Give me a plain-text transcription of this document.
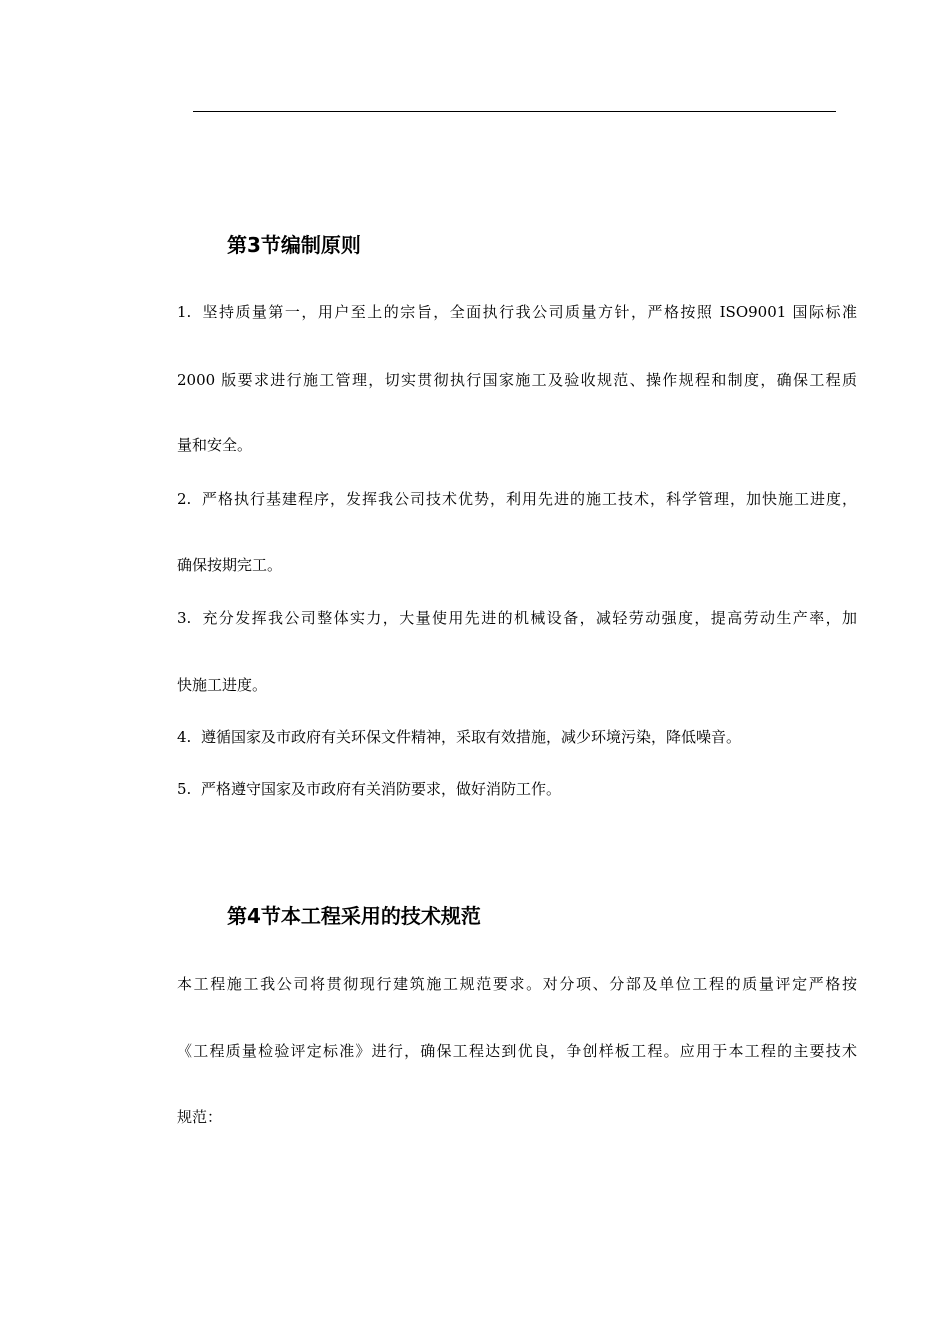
第3节编制原则
1. 坚持质量第一，用户至上的宗旨，全面执行我公司质量方针，严格按照 ISO9001 国际标准
2000 版要求进行施工管理，切实贯彻执行国家施工及验收规范、操作规程和制度，确保工程质
量和安全。
2. 严格执行基建程序，发挥我公司技术优势，利用先进的施工技术，科学管理，加快施工进度，
确保按期完工。
3. 充分发挥我公司整体实力，大量使用先进的机械设备，减轻劳动强度，提高劳动生产率，加
快施工进度。
4. 遵循国家及市政府有关环保文件精神，采取有效措施，减少环境污染，降低噪音。
5. 严格遵守国家及市政府有关消防要求，做好消防工作。
第4节本工程采用的技术规范
本工程施工我公司将贯彻现行建筑施工规范要求。对分项、分部及单位工程的质量评定严格按
《工程质量检验评定标准》进行，确保工程达到优良，争创样板工程。应用于本工程的主要技术
规范：
